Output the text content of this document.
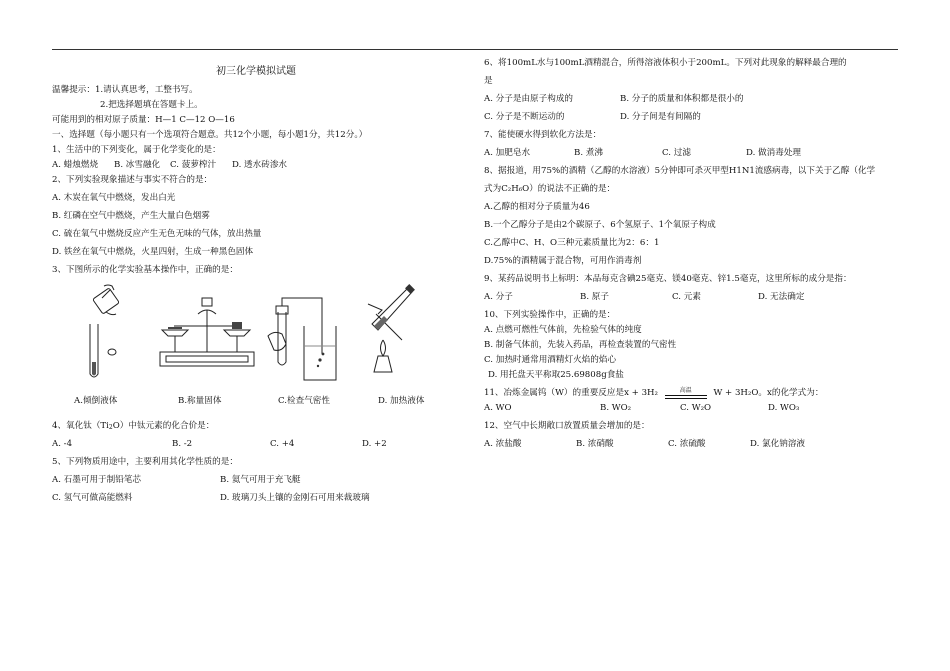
初三化学模拟试题
温馨提示：1.请认真思考，工整书写。
2.把选择题填在答题卡上。
可能用到的相对原子质量：H—1 C—12 O—16
一、选择题（每小题只有一个选项符合题意。共12个小题，每小题1分，共12分。）
1、生活中的下列变化，属于化学变化的是：
A. 蜡烛燃烧	B. 冰雪融化	C. 菠萝榨汁	D. 透水砖渗水
2、下列实验现象描述与事实不符合的是：
A. 木炭在氧气中燃烧，发出白光
B. 红磷在空气中燃烧，产生大量白色烟雾
C. 硫在氧气中燃烧反应产生无色无味的气体，放出热量
D. 铁丝在氧气中燃烧，火星四射，生成一种黑色固体
3、下图所示的化学实验基本操作中，正确的是：
A.倾倒液体	B.称量固体	C.检查气密性	D. 加热液体
4、氧化钛$(Ti_2O)$中钛元素的化合价是：
A. -4	B. -2	C. +4	D. +2
5、下列物质用途中，主要利用其化学性质的是：
A. 石墨可用于制铅笔芯	B. 氦气可用于充飞艇
C. 氢气可做高能燃料	D. 玻璃刀头上镶的金刚石可用来裁玻璃
6、将100mL水与100mL酒精混合，所得溶液体积小于200mL。下列对此现象的解释最合理的
是
A. 分子是由原子构成的	B. 分子的质量和体积都是很小的
C. 分子是不断运动的	D. 分子间是有间隔的
7、能使硬水得到软化方法是：
A. 加肥皂水	B. 煮沸	C. 过滤	D. 做消毒处理
8、据报道，用75%的酒精（乙醇的水溶液）5分钟即可杀灭甲型H1N1流感病毒，以下关于乙醇（化学
式为C₂H₆O）的说法不正确的是：
A.乙醇的相对分子质量为46
B.一个乙醇分子是由2个碳原子、6个氢原子、1个氧原子构成
C.乙醇中C、H、O三种元素质量比为2：6：1
D.75%的酒精属于混合物，可用作消毒剂
9、某药品说明书上标明：本品每克含碘25毫克、镁40毫克、锌1.5毫克，这里所标的成分是指：
A. 分子	B. 原子	C. 元素	D. 无法确定
10、下列实验操作中，正确的是：
A. 点燃可燃性气体前，先检验气体的纯度
B. 制备气体前，先装入药品，再检查装置的气密性
C. 加热时通常用酒精灯火焰的焰心
D. 用托盘天平称取25.69808g食盐
11、冶炼金属钨（W）的重要反应是x + 3H₂	高温	W + 3H₂O。x的化学式为：
A. WO	B. WO₂	C. W₂O	D. WO₃
12、空气中长期敞口放置质量会增加的是：
A. 浓盐酸	B. 浓硝酸	C. 浓硫酸	D. 氯化钠溶液
